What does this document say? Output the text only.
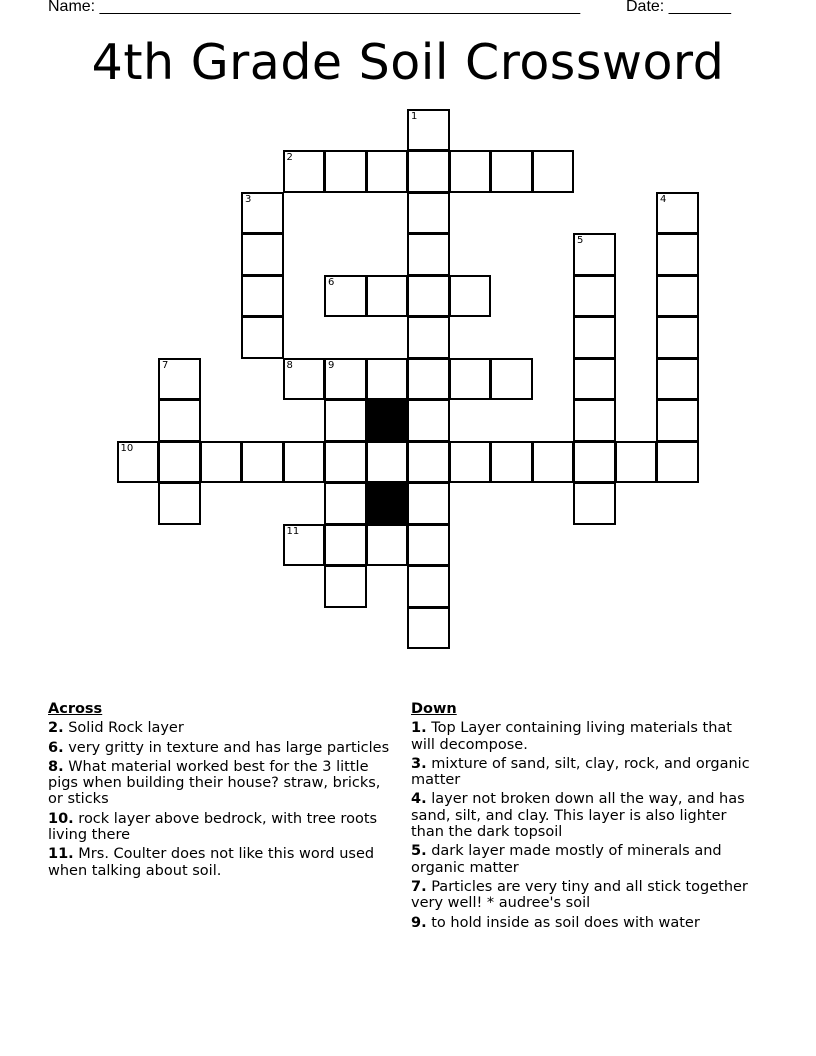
Name: ______________________________________________________	Date: _______
4th Grade Soil Crossword
1
2
3	4
5
6
7	8	9
10
11
Across
2. Solid Rock layer
6. very gritty in texture and has large particles
8. What material worked best for the 3 little pigs when building their house? straw, bricks, or sticks
10. rock layer above bedrock, with tree roots living there
11. Mrs. Coulter does not like this word used when talking about soil.
Down
1. Top Layer containing living materials that will decompose.
3. mixture of sand, silt, clay, rock, and organic matter
4. layer not broken down all the way, and has sand, silt, and clay. This layer is also lighter than the dark topsoil
5. dark layer made mostly of minerals and organic matter
7. Particles are very tiny and all stick together very well! * audree's soil
9. to hold inside as soil does with water
